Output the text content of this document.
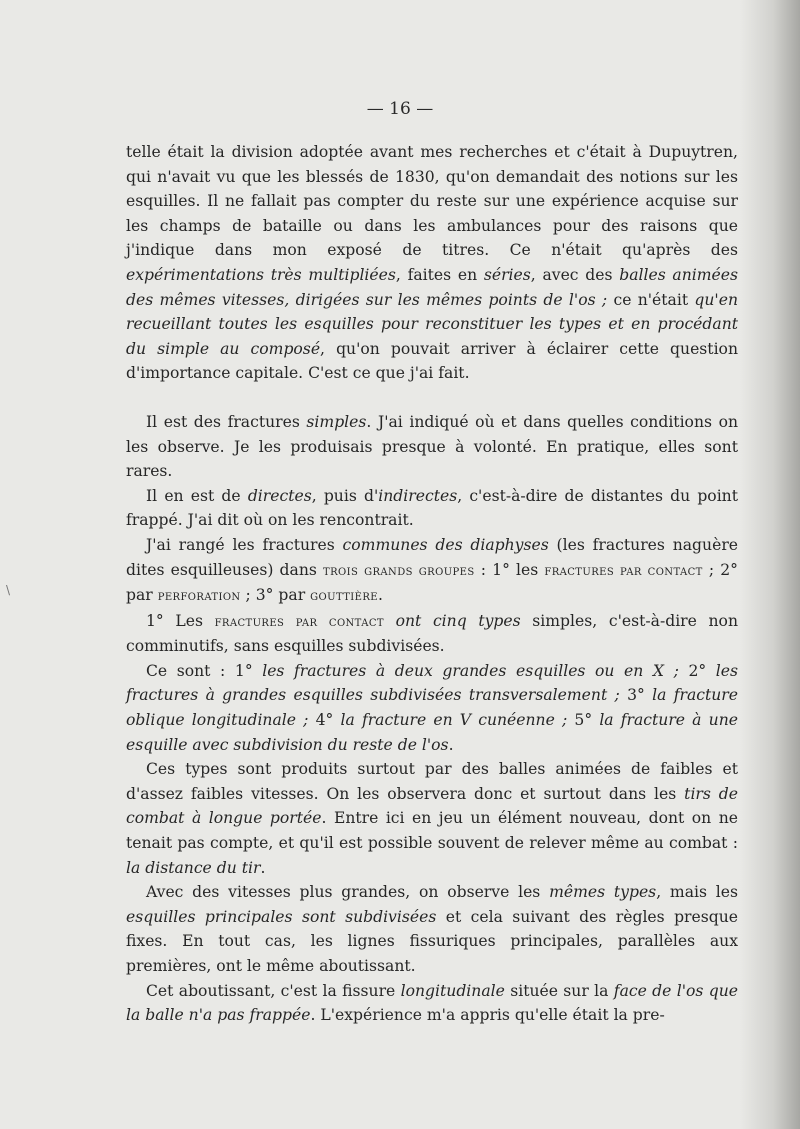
\
— 16 —

telle était la division adoptée avant mes recherches et c'était à Dupuytren, qui n'avait vu que les blessés de 1830, qu'on demandait des notions sur les esquilles. Il ne fallait pas compter du reste sur une expérience acquise sur les champs de bataille ou dans les ambulances pour des raisons que j'indique dans mon exposé de titres. Ce n'était qu'après des expérimentations très multipliées, faites en séries, avec des balles animées des mêmes vitesses, dirigées sur les mêmes points de l'os ; ce n'était qu'en recueillant toutes les esquilles pour reconstituer les types et en procédant du simple au composé, qu'on pouvait arriver à éclairer cette question d'importance capitale. C'est ce que j'ai fait.

Il est des fractures simples. J'ai indiqué où et dans quelles conditions on les observe. Je les produisais presque à volonté. En pratique, elles sont rares.

Il en est de directes, puis d'indirectes, c'est-à-dire de distantes du point frappé. J'ai dit où on les rencontrait.

J'ai rangé les fractures communes des diaphyses (les fractures naguère dites esquilleuses) dans trois grands groupes : 1° les fractures par contact ; 2° par perforation ; 3° par gouttière.

1° Les fractures par contact ont cinq types simples, c'est-à-dire non comminutifs, sans esquilles subdivisées.

Ce sont : 1° les fractures à deux grandes esquilles ou en X ; 2° les fractures à grandes esquilles subdivisées transversalement ; 3° la fracture oblique longitudinale ; 4° la fracture en V cunéenne ; 5° la fracture à une esquille avec subdivision du reste de l'os.

Ces types sont produits surtout par des balles animées de faibles et d'assez faibles vitesses. On les observera donc et surtout dans les tirs de combat à longue portée. Entre ici en jeu un élément nouveau, dont on ne tenait pas compte, et qu'il est possible souvent de relever même au combat : la distance du tir.

Avec des vitesses plus grandes, on observe les mêmes types, mais les esquilles principales sont subdivisées et cela suivant des règles presque fixes. En tout cas, les lignes fissuriques principales, parallèles aux premières, ont le même aboutissant.

Cet aboutissant, c'est la fissure longitudinale située sur la face de l'os que la balle n'a pas frappée. L'expérience m'a appris qu'elle était la pre-
